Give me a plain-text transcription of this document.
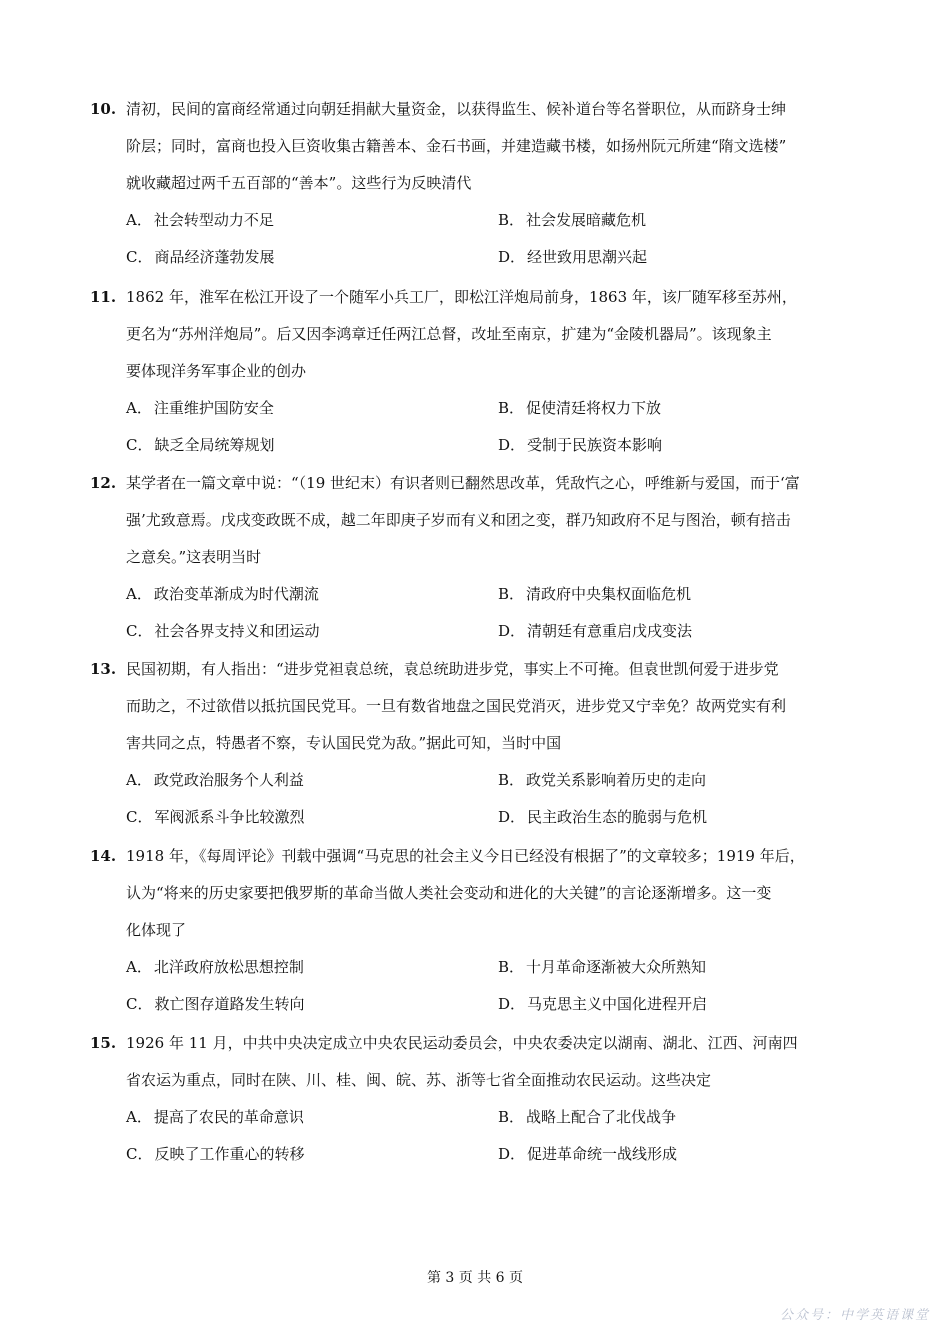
10. 清初，民间的富商经常通过向朝廷捐献大量资金，以获得监生、候补道台等名誉职位，从而跻身士绅
阶层；同时，富商也投入巨资收集古籍善本、金石书画，并建造藏书楼，如扬州阮元所建“隋文选楼”
就收藏超过两千五百部的“善本”。这些行为反映清代
A． 社会转型动力不足	B． 社会发展暗藏危机
C． 商品经济蓬勃发展	D． 经世致用思潮兴起
11. 1862 年，淮军在松江开设了一个随军小兵工厂，即松江洋炮局前身，1863 年，该厂随军移至苏州，
更名为“苏州洋炮局”。后又因李鸿章迁任两江总督，改址至南京，扩建为“金陵机器局”。该现象主
要体现洋务军事企业的创办
A． 注重维护国防安全	B． 促使清廷将权力下放
C． 缺乏全局统筹规划	D． 受制于民族资本影响
12. 某学者在一篇文章中说：“（19 世纪末）有识者则已翻然思改革，凭敌忾之心，呼维新与爱国，而于‘富
强’尤致意焉。戊戌变政既不成，越二年即庚子岁而有义和团之变，群乃知政府不足与图治，顿有掊击
之意矣。”这表明当时
A． 政治变革渐成为时代潮流	B． 清政府中央集权面临危机
C． 社会各界支持义和团运动	D． 清朝廷有意重启戊戌变法
13. 民国初期，有人指出：“进步党袒袁总统，袁总统助进步党，事实上不可掩。但袁世凯何爱于进步党
而助之，不过欲借以抵抗国民党耳。一旦有数省地盘之国民党消灭，进步党又宁幸免？故两党实有利
害共同之点，特愚者不察，专认国民党为敌。”据此可知，当时中国
A． 政党政治服务个人利益	B． 政党关系影响着历史的走向
C． 军阀派系斗争比较激烈	D． 民主政治生态的脆弱与危机
14. 1918 年，《每周评论》刊载中强调“马克思的社会主义今日已经没有根据了”的文章较多；1919 年后，
认为“将来的历史家要把俄罗斯的革命当做人类社会变动和进化的大关键”的言论逐渐增多。这一变
化体现了
A． 北洋政府放松思想控制	B． 十月革命逐渐被大众所熟知
C． 救亡图存道路发生转向	D． 马克思主义中国化进程开启
15. 1926 年 11 月，中共中央决定成立中央农民运动委员会，中央农委决定以湖南、湖北、江西、河南四
省农运为重点，同时在陕、川、桂、闽、皖、苏、浙等七省全面推动农民运动。这些决定
A． 提高了农民的革命意识	B． 战略上配合了北伐战争
C． 反映了工作重心的转移	D． 促进革命统一战线形成
第 3 页 共 6 页
公众号：中学英语课堂
